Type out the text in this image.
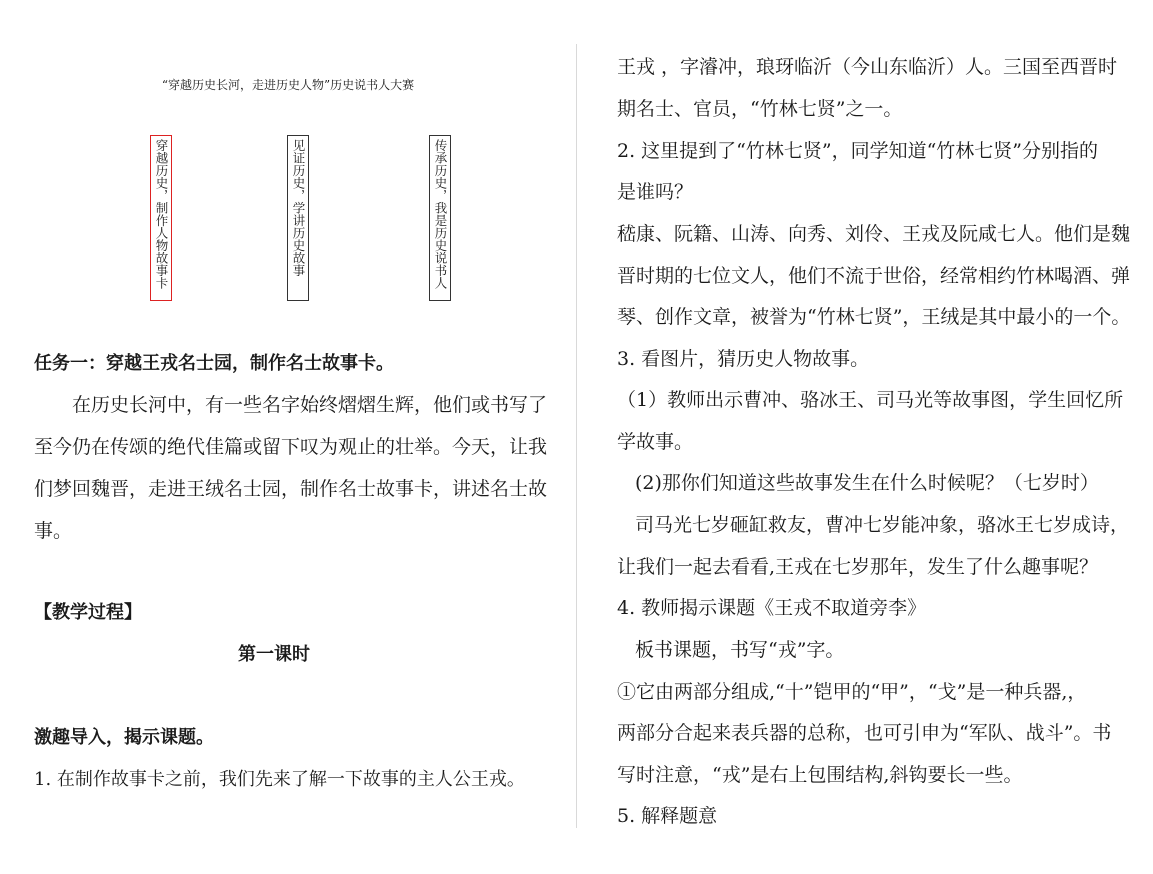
“穿越历史长河，走进历史人物”历史说书人大赛
穿越历史，制作人物故事卡	见证历史，学讲历史故事	传承历史，我是历史说书人
任务一：穿越王戎名士园，制作名士故事卡。
在历史长河中，有一些名字始终熠熠生辉，他们或书写了
至今仍在传颂的绝代佳篇或留下叹为观止的壮举。今天，让我
们梦回魏晋，走进王绒名士园，制作名士故事卡，讲述名士故
事。
【教学过程】
第一课时
激趣导入，揭示课题。
1. 在制作故事卡之前，我们先来了解一下故事的主人公王戎。
王戎 ，字濬冲，琅玡临沂（今山东临沂）人。三国至西晋时
期名士、官员，“竹林七贤”之一。
2. 这里提到了“竹林七贤”，同学知道“竹林七贤”分别指的
是谁吗？
嵇康、阮籍、山涛、向秀、刘伶、王戎及阮咸七人。他们是魏
晋时期的七位文人，他们不流于世俗，经常相约竹林喝酒、弹
琴、创作文章，被誉为“竹林七贤”，王绒是其中最小的一个。
3. 看图片，猜历史人物故事。
（1）教师出示曹冲、骆冰王、司马光等故事图，学生回忆所
学故事。
(2)那你们知道这些故事发生在什么时候呢？（七岁时）
司马光七岁砸缸救友，曹冲七岁能冲象，骆冰王七岁成诗，
让我们一起去看看,王戎在七岁那年，发生了什么趣事呢？
4. 教师揭示课题《王戎不取道旁李》
板书课题，书写“戎”字。
①它由两部分组成,“十”铠甲的“甲”，“戈”是一种兵器,，
两部分合起来表兵器的总称，也可引申为“军队、战斗”。书
写时注意，“戎”是右上包围结构,斜钩要长一些。
5. 解释题意
